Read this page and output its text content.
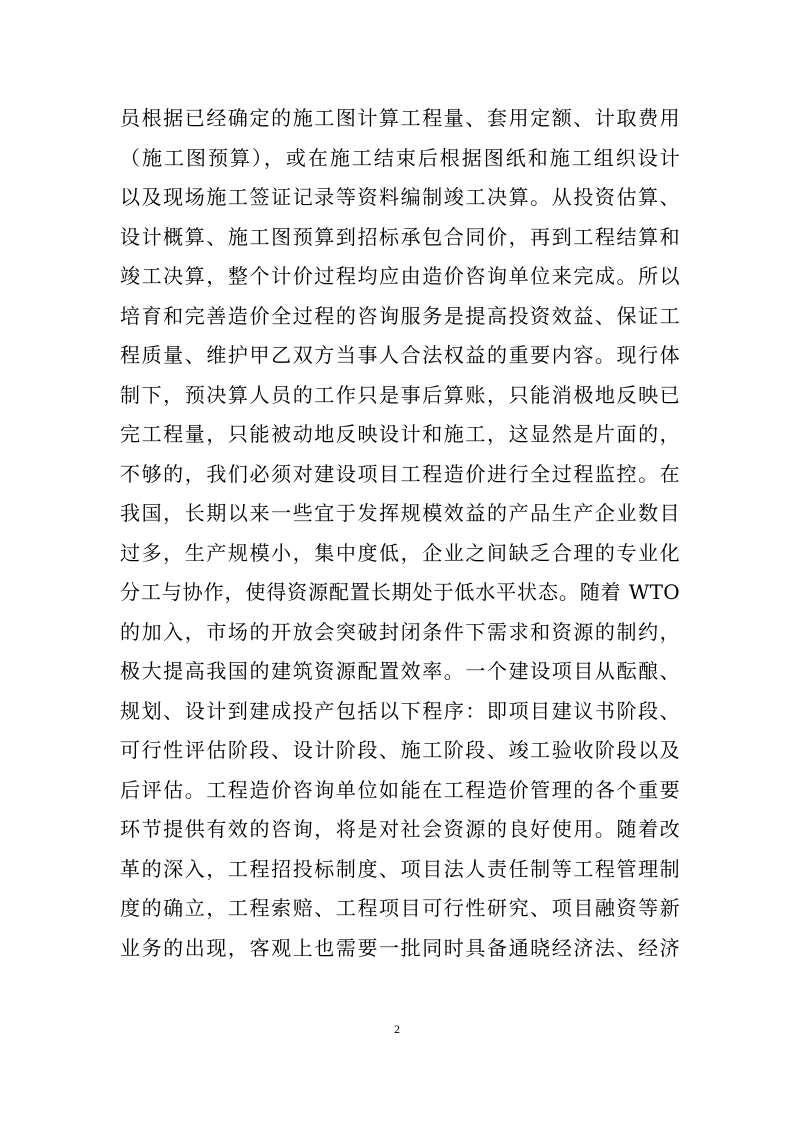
员根据已经确定的施工图计算工程量、套用定额、计取费用
（施工图预算），或在施工结束后根据图纸和施工组织设计
以及现场施工签证记录等资料编制竣工决算。从投资估算、
设计概算、施工图预算到招标承包合同价，再到工程结算和
竣工决算，整个计价过程均应由造价咨询单位来完成。所以
培育和完善造价全过程的咨询服务是提高投资效益、保证工
程质量、维护甲乙双方当事人合法权益的重要内容。现行体
制下，预决算人员的工作只是事后算账，只能消极地反映已
完工程量，只能被动地反映设计和施工，这显然是片面的，
不够的，我们必须对建设项目工程造价进行全过程监控。在
我国，长期以来一些宜于发挥规模效益的产品生产企业数目
过多，生产规模小，集中度低，企业之间缺乏合理的专业化
分工与协作，使得资源配置长期处于低水平状态。随着 WTO
的加入，市场的开放会突破封闭条件下需求和资源的制约，
极大提高我国的建筑资源配置效率。一个建设项目从酝酿、
规划、设计到建成投产包括以下程序：即项目建议书阶段、
可行性评估阶段、设计阶段、施工阶段、竣工验收阶段以及
后评估。工程造价咨询单位如能在工程造价管理的各个重要
环节提供有效的咨询，将是对社会资源的良好使用。随着改
革的深入，工程招投标制度、项目法人责任制等工程管理制
度的确立，工程索赔、工程项目可行性研究、项目融资等新
业务的出现，客观上也需要一批同时具备通晓经济法、经济
2
